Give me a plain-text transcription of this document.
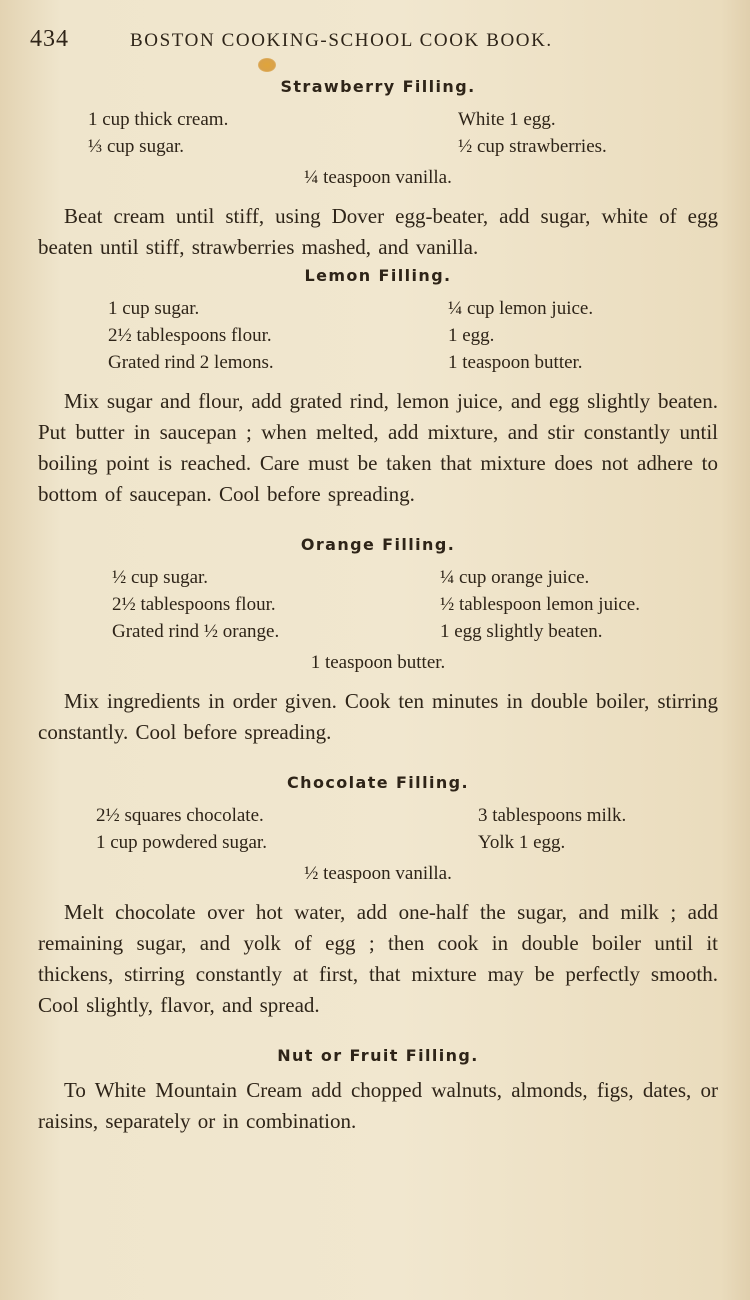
434	BOSTON COOKING-SCHOOL COOK BOOK.

Strawberry Filling.

1 cup thick cream.
⅓ cup sugar.
White 1 egg.
½ cup strawberries.
¼ teaspoon vanilla.

Beat cream until stiff, using Dover egg-beater, add sugar, white of egg beaten until stiff, strawberries mashed, and vanilla.

Lemon Filling.

1 cup sugar.
2½ tablespoons flour.
Grated rind 2 lemons.
¼ cup lemon juice.
1 egg.
1 teaspoon butter.

Mix sugar and flour, add grated rind, lemon juice, and egg slightly beaten. Put butter in saucepan ; when melted, add mixture, and stir constantly until boiling point is reached. Care must be taken that mixture does not adhere to bottom of saucepan. Cool before spreading.

Orange Filling.

½ cup sugar.
2½ tablespoons flour.
Grated rind ½ orange.
¼ cup orange juice.
½ tablespoon lemon juice.
1 egg slightly beaten.
1 teaspoon butter.

Mix ingredients in order given. Cook ten minutes in double boiler, stirring constantly. Cool before spreading.

Chocolate Filling.

2½ squares chocolate.
1 cup powdered sugar.
3 tablespoons milk.
Yolk 1 egg.
½ teaspoon vanilla.

Melt chocolate over hot water, add one-half the sugar, and milk ; add remaining sugar, and yolk of egg ; then cook in double boiler until it thickens, stirring constantly at first, that mixture may be perfectly smooth. Cool slightly, flavor, and spread.

Nut or Fruit Filling.

To White Mountain Cream add chopped walnuts, almonds, figs, dates, or raisins, separately or in combination.
